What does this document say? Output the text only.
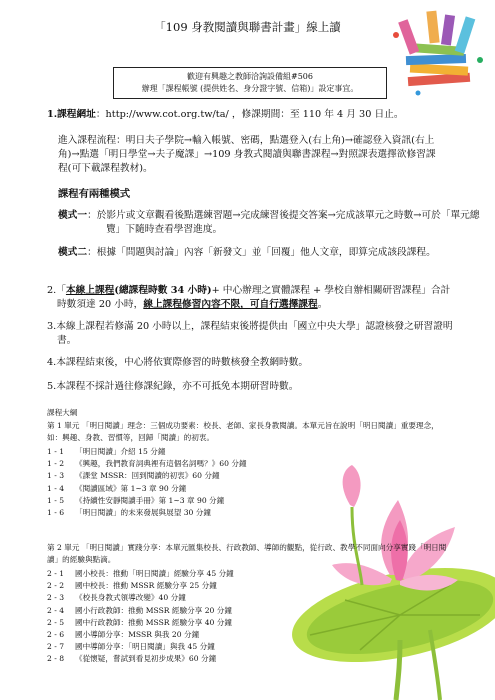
「109 身教閱讀與聯書計畫」線上讀
歡迎有興趣之教師洽詢設備組#506
辦理「課程帳號 (提供姓名、身分證字號、信箱)」設定事宜。
1.課程網址：http://www.cot.org.tw/ta/ ，修課期間：至 110 年 4 月 30 日止。
進入課程流程：明日夫子學院→輸入帳號、密碼，點選登入(右上角)→確認登入資訊(右上角)→點選「明日學堂→夫子魔課」→109 身教式閱讀與聯書課程→對照課表選擇欲修習課程(可下載課程教材)。
課程有兩種模式
模式一：於影片或文章觀看後點選練習題→完成練習後提交答案→完成該單元之時數→可於「單元總覽」下隨時查看學習進度。
模式二：根據「問題與討論」內容「新發文」並「回覆」他人文章，即算完成該段課程。
2.「本線上課程(總課程時數 34 小時)+ 中心辦理之實體課程 + 學校自辦相關研習課程」合計時數須達 20 小時，線上課程修習內容不限，可自行選擇課程。
3.本線上課程若修滿 20 小時以上，課程結束後將提供由「國立中央大學」認證核發之研習證明書。
4.本課程結束後，中心將依實際修習的時數核發全教網時數。
5.本課程不採計過往修課紀錄，亦不可抵免本期研習時數。
課程大綱
第 1 單元 「明日閱讀」理念：三個成功要素：校長、老師、家長身教閱讀。本單元旨在說明「明日閱讀」重要理念，如：興趣、身教、習慣等，回歸「閱讀」的初衷。
1 - 1 「明日閱讀」介紹 15 分鐘
1 - 2 《興趣，我們教育詞典裡有這個名詞嗎？》60 分鐘
1 - 3 《課堂 MSSR：回到閱讀的初衷》60 分鐘
1 - 4 《閱讀區域》第 1~3 章 90 分鐘
1 - 5 《持續性安靜閱讀手冊》第 1~3 章 90 分鐘
1 - 6 「明日閱讀」的未來發展與展望 30 分鐘
第 2 單元 「明日閱讀」實踐分享：本單元匯集校長、行政教師、導師的觀點，從行政、教學不同面向分享實踐「明日閱讀」的經驗與點滴。
2 - 1 國小校長：推動「明日閱讀」經驗分享 45 分鐘
2 - 2 國中校長：推動 MSSR 經驗分享 25 分鐘
2 - 3 《校長身教式領導改變》40 分鐘
2 - 4 國小行政教師：推動 MSSR 經驗分享 20 分鐘
2 - 5 國中行政教師：推動 MSSR 經驗分享 40 分鐘
2 - 6 國小導師分享：MSSR 與我 20 分鐘
2 - 7 國中導師分享：「明日閱讀」與我 45 分鐘
2 - 8 《從懷疑，嘗試到看見初步成果》60 分鐘
